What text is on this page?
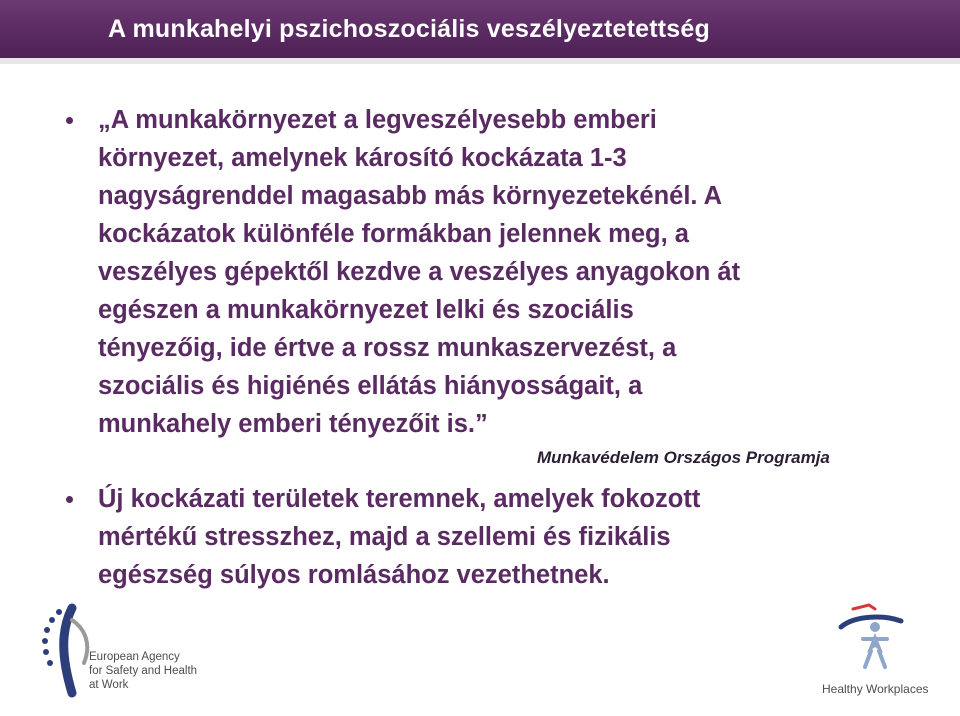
A munkahelyi pszichoszociális veszélyeztetettség

„A munkakörnyezet a legveszélyesebb emberi
környezet, amelynek károsító kockázata 1-3
nagyságrenddel magasabb más környezetekénél. A
kockázatok különféle formákban jelennek meg, a
veszélyes gépektől kezdve a veszélyes anyagokon át
egészen a munkakörnyezet lelki és szociális
tényezőig, ide értve a rossz munkaszervezést, a
szociális és higiénés ellátás hiányosságait, a
munkahely emberi tényezőit is.”

Munkavédelem Országos Programja

Új kockázati területek teremnek, amelyek fokozott
mértékű stresszhez, majd a szellemi és fizikális
egészség súlyos romlásához vezethetnek.

European Agency
for Safety and Health
at Work	Healthy Workplaces
